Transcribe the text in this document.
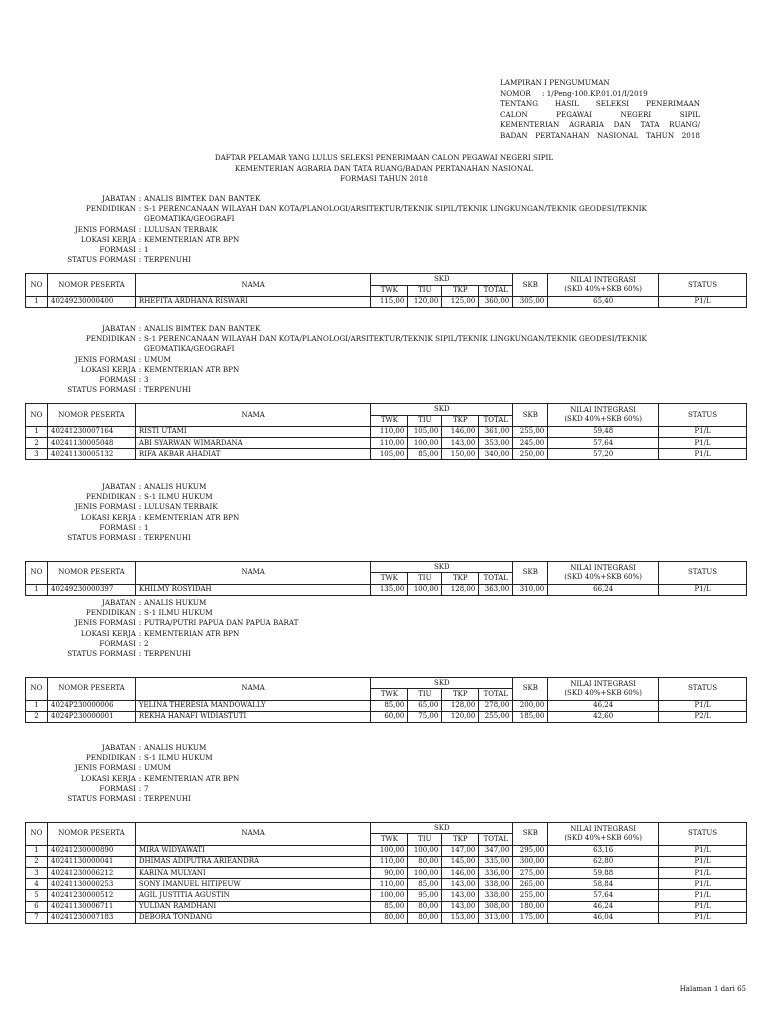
LAMPIRAN I PENGUMUMAN
NOMOR	: 1/Peng-100.KP.01.01/I/2019
TENTANG HASIL SELEKSI PENERIMAAN
CALON PEGAWAI NEGERI SIPIL
KEMENTERIAN AGRARIA DAN TATA RUANG/
BADAN PERTANAHAN NASIONAL TAHUN 2018
DAFTAR PELAMAR YANG LULUS SELEKSI PENERIMAAN CALON PEGAWAI NEGERI SIPIL
KEMENTERIAN AGRARIA DAN TATA RUANG/BADAN PERTANAHAN NASIONAL
FORMASI TAHUN 2018
JABATAN : ANALIS BIMTEK DAN BANTEK
PENDIDIKAN : S-1 PERENCANAAN WILAYAH DAN KOTA/PLANOLOGI/ARSITEKTUR/TEKNIK SIPIL/TEKNIK LINGKUNGAN/TEKNIK GEODESI/TEKNIK GEOMATIKA/GEOGRAFI
JENIS FORMASI : LULUSAN TERBAIK
LOKASI KERJA : KEMENTERIAN ATR BPN
FORMASI : 1
STATUS FORMASI : TERPENUHI
NO	NOMOR PESERTA	NAMA	SKD				SKB	NILAI INTEGRASI
(SKD 40%+SKB 60%)	STATUS
			TWK	TIU	TKP	TOTAL			
1	40249230000400	RHEFITA ARDHANA RISWARI	115,00	120,00	125,00	360,00	305,00	65,40	P1/L
JABATAN : ANALIS BIMTEK DAN BANTEK
PENDIDIKAN : S-1 PERENCANAAN WILAYAH DAN KOTA/PLANOLOGI/ARSITEKTUR/TEKNIK SIPIL/TEKNIK LINGKUNGAN/TEKNIK GEODESI/TEKNIK GEOMATIKA/GEOGRAFI
JENIS FORMASI : UMUM
LOKASI KERJA : KEMENTERIAN ATR BPN
FORMASI : 3
STATUS FORMASI : TERPENUHI
NO	NOMOR PESERTA	NAMA	SKD				SKB	NILAI INTEGRASI
(SKD 40%+SKB 60%)	STATUS
			TWK	TIU	TKP	TOTAL			
1	40241230007164	RISTI UTAMI	110,00	105,00	146,00	361,00	255,00	59,48	P1/L
2	40241130005048	ABI SYARWAN WIMARDANA	110,00	100,00	143,00	353,00	245,00	57,64	P1/L
3	40241130005132	RIFA AKBAR AHADIAT	105,00	85,00	150,00	340,00	250,00	57,20	P1/L
JABATAN : ANALIS HUKUM
PENDIDIKAN : S-1 ILMU HUKUM
JENIS FORMASI : LULUSAN TERBAIK
LOKASI KERJA : KEMENTERIAN ATR BPN
FORMASI : 1
STATUS FORMASI : TERPENUHI
NO	NOMOR PESERTA	NAMA	SKD				SKB	NILAI INTEGRASI
(SKD 40%+SKB 60%)	STATUS
			TWK	TIU	TKP	TOTAL			
1	40249230000397	KHILMY ROSYIDAH	135,00	100,00	128,00	363,00	310,00	66,24	P1/L
JABATAN : ANALIS HUKUM
PENDIDIKAN : S-1 ILMU HUKUM
JENIS FORMASI : PUTRA/PUTRI PAPUA DAN PAPUA BARAT
LOKASI KERJA : KEMENTERIAN ATR BPN
FORMASI : 2
STATUS FORMASI : TERPENUHI
NO	NOMOR PESERTA	NAMA	SKD				SKB	NILAI INTEGRASI
(SKD 40%+SKB 60%)	STATUS
			TWK	TIU	TKP	TOTAL			
1	4024P230000006	YELINA THERESIA MANDOWALLY	85,00	65,00	128,00	278,00	200,00	46,24	P1/L
2	4024P230000001	REKHA HANAFI WIDIASTUTI	60,00	75,00	120,00	255,00	185,00	42,60	P2/L
JABATAN : ANALIS HUKUM
PENDIDIKAN : S-1 ILMU HUKUM
JENIS FORMASI : UMUM
LOKASI KERJA : KEMENTERIAN ATR BPN
FORMASI : 7
STATUS FORMASI : TERPENUHI
NO	NOMOR PESERTA	NAMA	SKD				SKB	NILAI INTEGRASI
(SKD 40%+SKB 60%)	STATUS
			TWK	TIU	TKP	TOTAL			
1	40241230000890	MIRA WIDYAWATI	100,00	100,00	147,00	347,00	295,00	63,16	P1/L
2	40241130000041	DHIMAS ADIPUTRA ARIEANDRA	110,00	80,00	145,00	335,00	300,00	62,80	P1/L
3	40241230006212	KARINA MULYANI	90,00	100,00	146,00	336,00	275,00	59,88	P1/L
4	40241130000253	SONY IMANUEL HITIPEUW	110,00	85,00	143,00	338,00	265,00	58,84	P1/L
5	40241230000512	AGIL JUSTITIA AGUSTIN	100,00	95,00	143,00	338,00	255,00	57,64	P1/L
6	40241130006711	YULDAN RAMDHANI	85,00	80,00	143,00	308,00	180,00	46,24	P1/L
7	40241230007183	DEBORA TONDANG	80,00	80,00	153,00	313,00	175,00	46,04	P1/L
Halaman 1 dari 65
